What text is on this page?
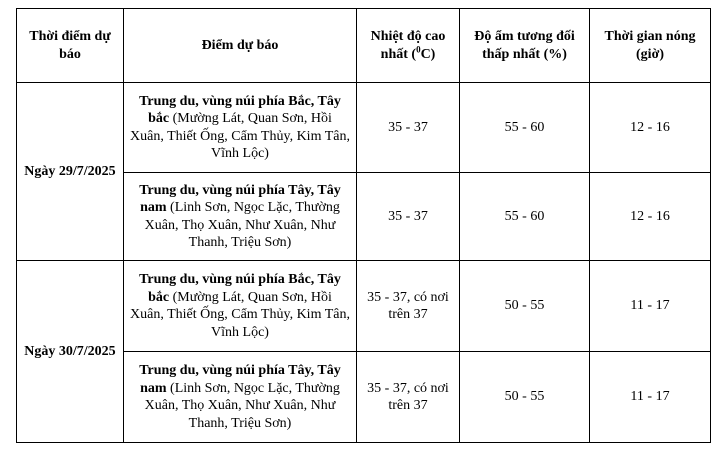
Thời điểm dự báo	Điểm dự báo	Nhiệt độ cao nhất ($^0$C)	Độ ẩm tương đối thấp nhất (%)	Thời gian nóng (giờ)
Ngày 29/7/2025	Trung du, vùng núi phía Bắc, Tây bắc (Mường Lát, Quan Sơn, Hồi Xuân, Thiết Ống, Cẩm Thủy, Kim Tân, Vĩnh Lộc)	35 - 37	55 - 60	12 - 16
	Trung du, vùng núi phía Tây, Tây nam (Linh Sơn, Ngọc Lặc, Thường Xuân, Thọ Xuân, Như Xuân, Như Thanh, Triệu Sơn)	35 - 37	55 - 60	12 - 16
Ngày 30/7/2025	Trung du, vùng núi phía Bắc, Tây bắc (Mường Lát, Quan Sơn, Hồi Xuân, Thiết Ống, Cẩm Thủy, Kim Tân, Vĩnh Lộc)	35 - 37, có nơi trên 37	50 - 55	11 - 17
	Trung du, vùng núi phía Tây, Tây nam (Linh Sơn, Ngọc Lặc, Thường Xuân, Thọ Xuân, Như Xuân, Như Thanh, Triệu Sơn)	35 - 37, có nơi trên 37	50 - 55	11 - 17
